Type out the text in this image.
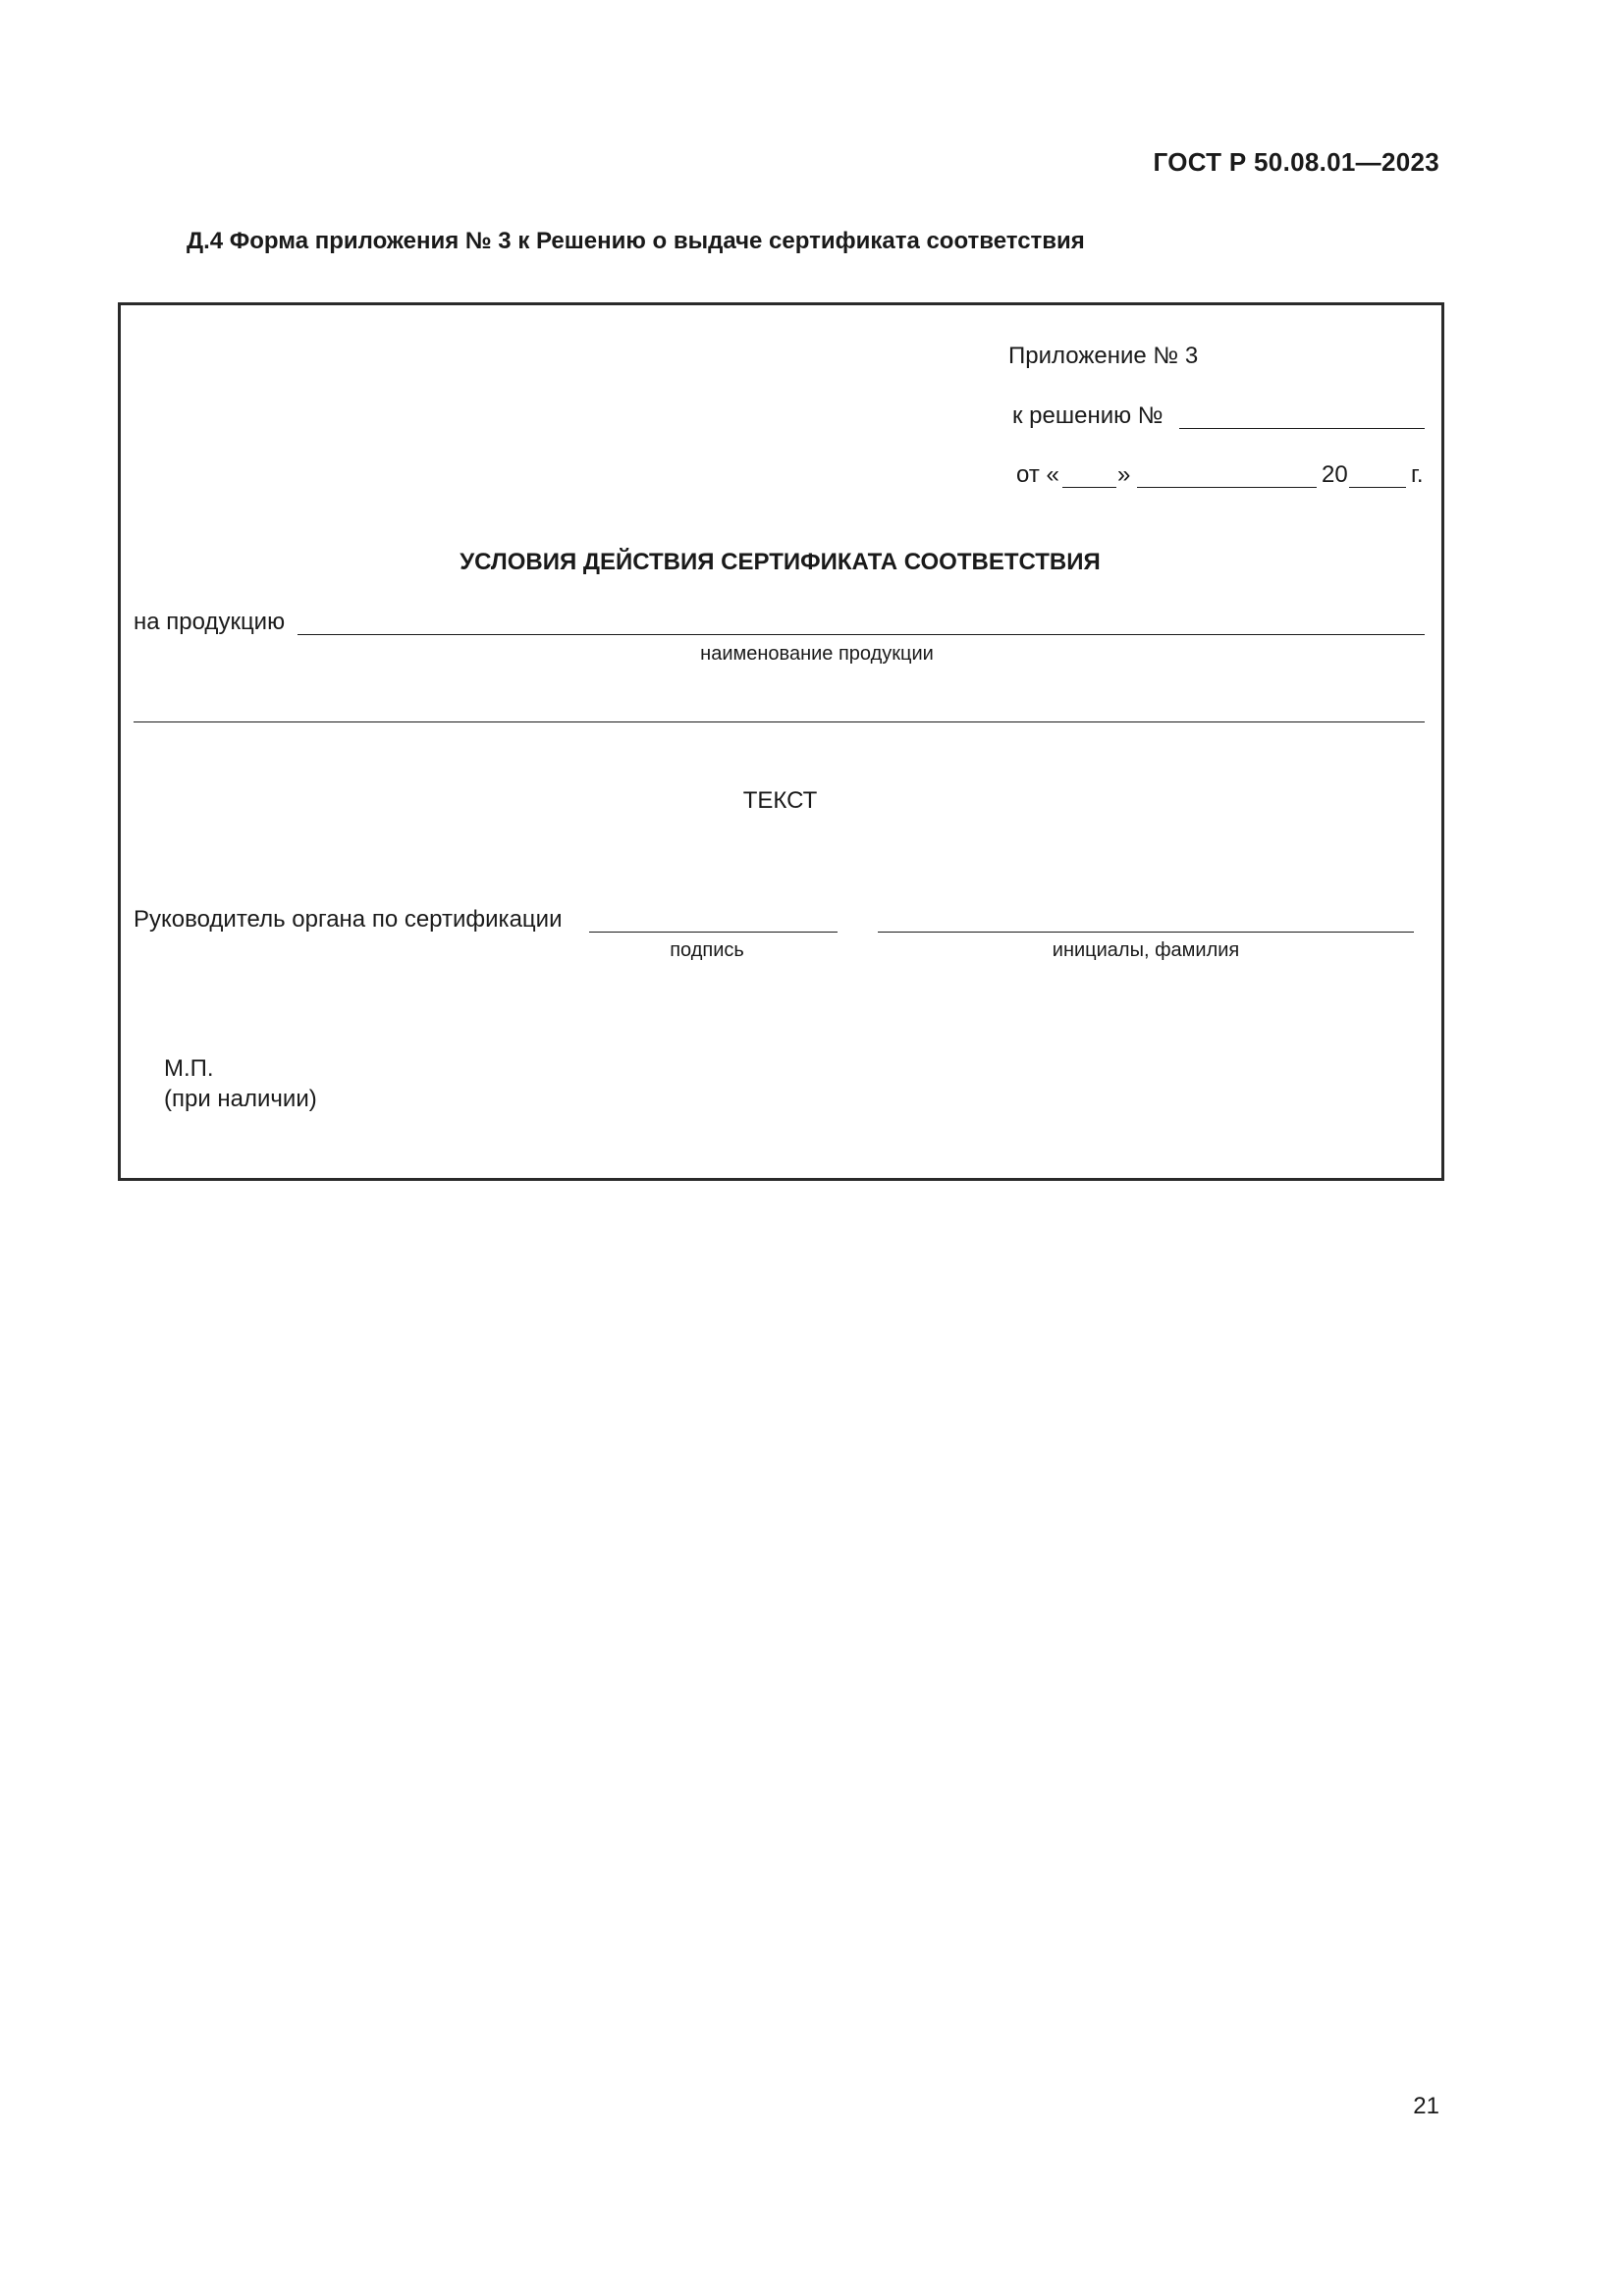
ГОСТ Р 50.08.01—2023
Д.4 Форма приложения № 3 к Решению о выдаче сертификата соответствия
Приложение № 3
к решению №
от « »	20	г.
УСЛОВИЯ ДЕЙСТВИЯ СЕРТИФИКАТА СООТВЕТСТВИЯ
на продукцию
наименование продукции
ТЕКСТ
Руководитель органа по сертификации
подпись	инициалы, фамилия
М.П.
(при наличии)
21
